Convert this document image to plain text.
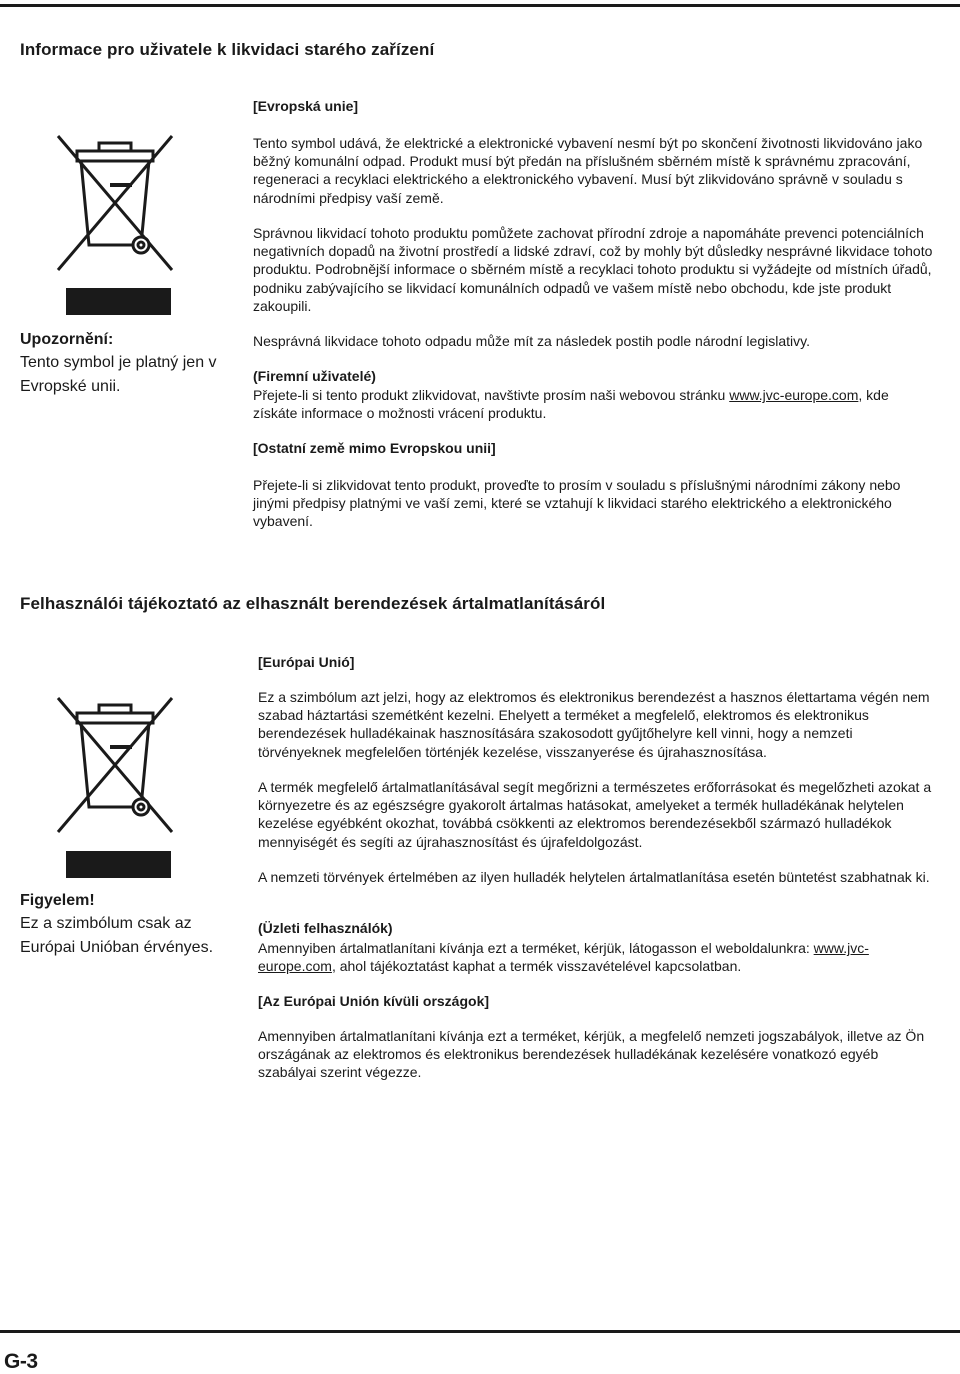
Informace pro uživatele k likvidaci starého zařízení
[Evropská unie]
Upozornění:
Tento symbol je platný jen v Evropské unii.
Tento symbol udává, že elektrické a elektronické vybavení nesmí být po skončení životnosti likvidováno jako běžný komunální odpad. Produkt musí být předán na příslušném sběrném místě k správnému zpracování, regeneraci a recyklaci elektrického a elektronického vybavení. Musí být zlikvidováno správně v souladu s národními předpisy vaší země.
Správnou likvidací tohoto produktu pomůžete zachovat přírodní zdroje a napomáháte prevenci potenciálních negativních dopadů na životní prostředí a lidské zdraví, což by mohly být důsledky nesprávné likvidace tohoto produktu. Podrobnější informace o sběrném místě a recyklaci tohoto produktu si vyžádejte od místních úřadů, podniku zabývajícího se likvidací komunálních odpadů ve vašem místě nebo obchodu, kde jste produkt zakoupili.
Nesprávná likvidace tohoto odpadu může mít za následek postih podle národní legislativy.
(Firemní uživatelé)
Přejete-li si tento produkt zlikvidovat, navštivte prosím naši webovou stránku www.jvc-europe.com, kde získáte informace o možnosti vrácení produktu.
[Ostatní země mimo Evropskou unii]
Přejete-li si zlikvidovat tento produkt, proveďte to prosím v souladu s příslušnými národními zákony nebo jinými předpisy platnými ve vaší zemi, které se vztahují k likvidaci starého elektrického a elektronického vybavení.
Felhasználói tájékoztató az elhasznált berendezések ártalmatlanításáról
[Európai Unió]
Figyelem!
Ez a szimbólum csak az Európai Unióban érvényes.
Ez a szimbólum azt jelzi, hogy az elektromos és elektronikus berendezést a hasznos élettartama végén nem szabad háztartási szemétként kezelni. Ehelyett a terméket a megfelelő, elektromos és elektronikus berendezések hulladékainak hasznosítására szakosodott gyűjtőhelyre kell vinni, hogy a nemzeti törvényeknek megfelelően történjék kezelése, visszanyerése és újrahasznosítása.
A termék megfelelő ártalmatlanításával segít megőrizni a természetes erőforrásokat és megelőzheti azokat a környezetre és az egészségre gyakorolt ártalmas hatásokat, amelyeket a termék hulladékának helytelen kezelése egyébként okozhat, továbbá csökkenti az elektromos berendezésekből származó hulladékok mennyiségét és segíti az újrahasznosítást és újrafeldolgozást.
A nemzeti törvények értelmében az ilyen hulladék helytelen ártalmatlanítása esetén büntetést szabhatnak ki.
(Üzleti felhasználók)
Amennyiben ártalmatlanítani kívánja ezt a terméket, kérjük, látogasson el weboldalunkra: www.jvc-europe.com, ahol tájékoztatást kaphat a termék visszavételével kapcsolatban.
[Az Európai Unión kívüli országok]
Amennyiben ártalmatlanítani kívánja ezt a terméket, kérjük, a megfelelő nemzeti jogszabályok, illetve az Ön országának az elektromos és elektronikus berendezések hulladékának kezelésére vonatkozó egyéb szabályai szerint végezze.
G-3
